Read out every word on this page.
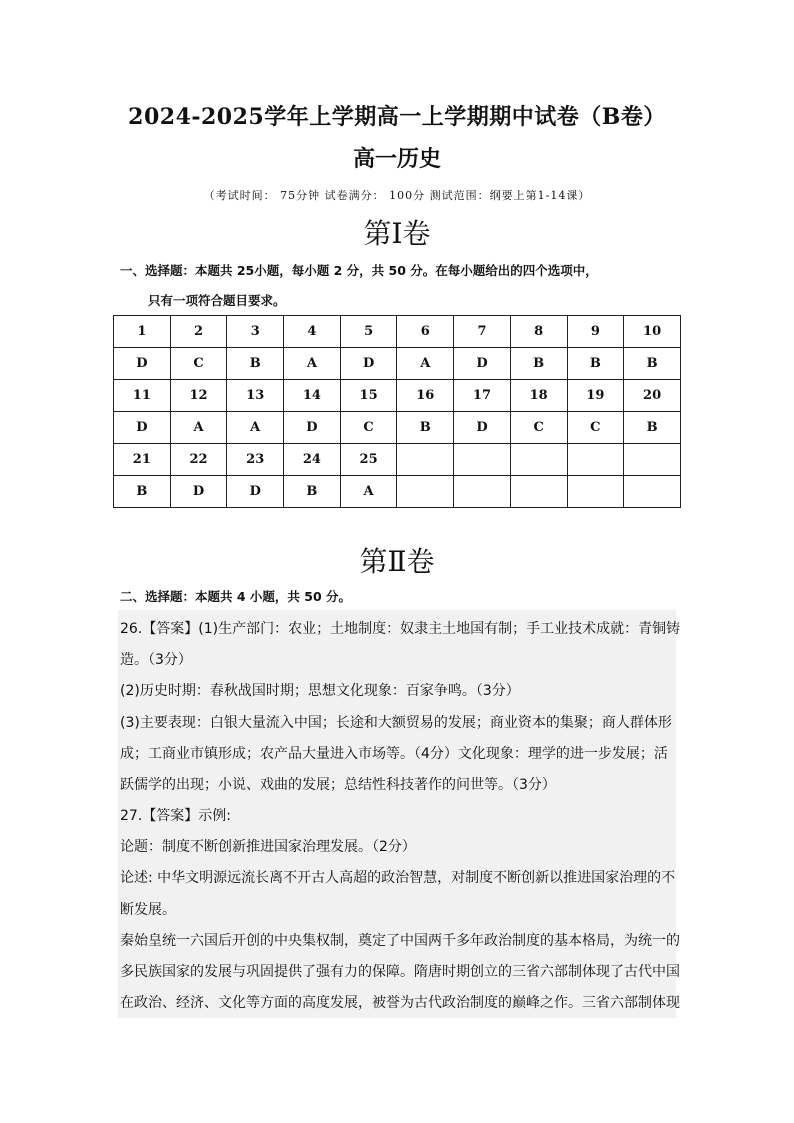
2024-2025学年上学期高一上学期期中试卷（B卷）
高一历史
（考试时间： 75分钟 试卷满分： 100分 测试范围：纲要上第1-14课）
第Ⅰ卷
一、选择题：本题共 25小题，每小题 2 分，共 50 分。在每小题给出的四个选项中，
只有一项符合题目要求。
1	2	3	4	5	6	7	8	9	10
D	C	B	A	D	A	D	B	B	B
11	12	13	14	15	16	17	18	19	20
D	A	A	D	C	B	D	C	C	B
21	22	23	24	25					
B	D	D	B	A					
第Ⅱ卷
二、选择题：本题共 4 小题，共 50 分。
26.【答案】(1)生产部门：农业；土地制度：奴隶主土地国有制；手工业技术成就：青铜铸
造。（3分）
(2)历史时期：春秋战国时期；思想文化现象：百家争鸣。（3分）
(3)主要表现：白银大量流入中国；长途和大额贸易的发展；商业资本的集聚；商人群体形
成；工商业市镇形成；农产品大量进入市场等。（4分）文化现象：理学的进一步发展；活
跃儒学的出现；小说、戏曲的发展；总结性科技著作的问世等。（3分）
27.【答案】示例:
论题：制度不断创新推进国家治理发展。（2分）
论述: 中华文明源远流长离不开古人高超的政治智慧，对制度不断创新以推进国家治理的不
断发展。
秦始皇统一六国后开创的中央集权制，奠定了中国两千多年政治制度的基本格局，为统一的
多民族国家的发展与巩固提供了强有力的保障。隋唐时期创立的三省六部制体现了古代中国
在政治、经济、文化等方面的高度发展，被誉为古代政治制度的巅峰之作。三省六部制体现
